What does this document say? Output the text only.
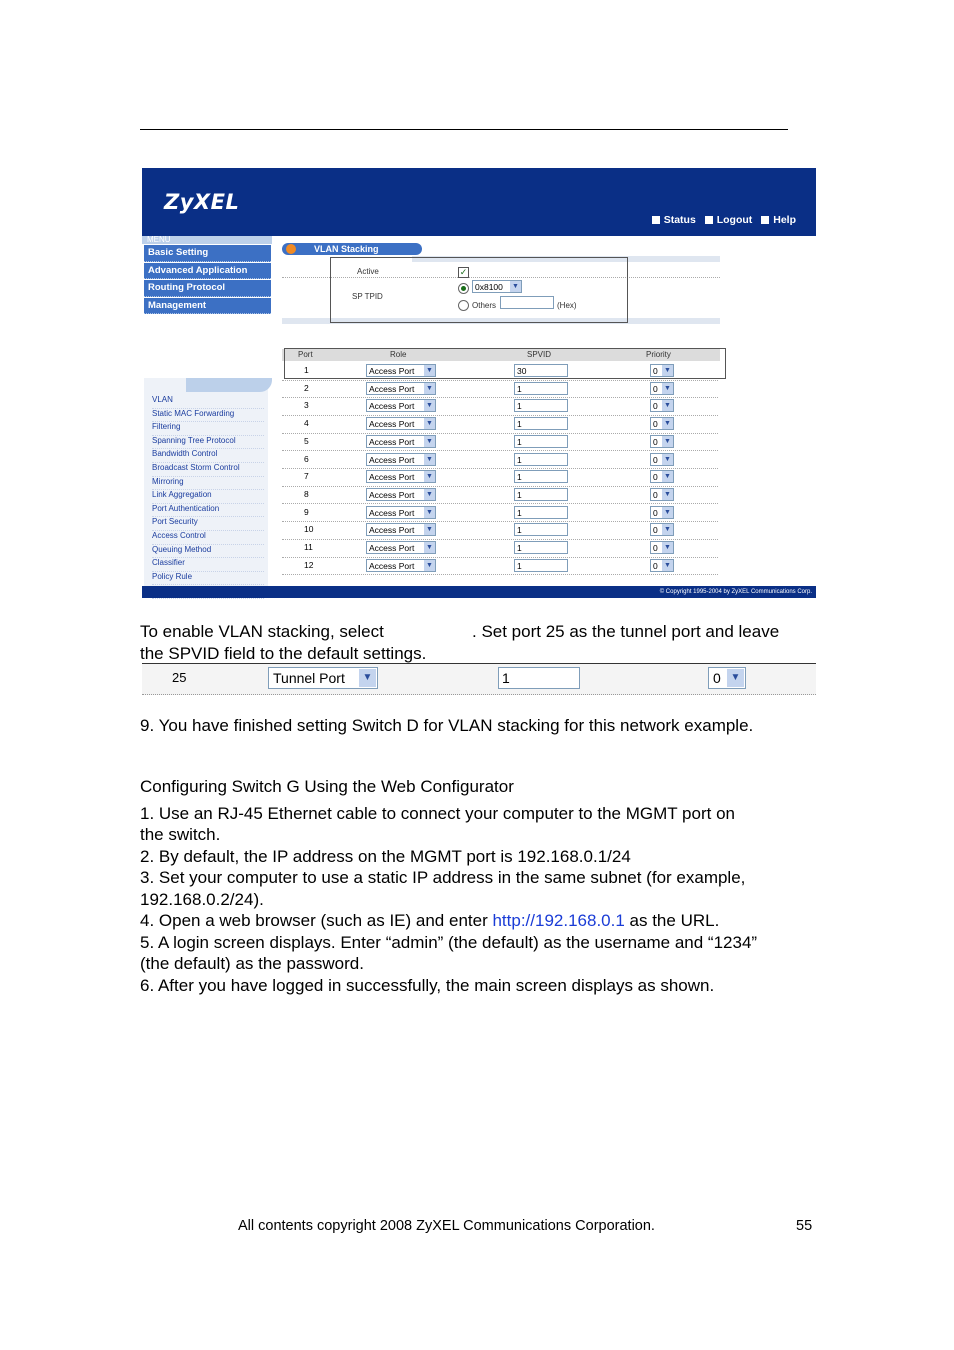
ZyXEL
Status Logout Help
MENU
Basic Setting
Advanced Application
Routing Protocol
Management
VLAN
Static MAC Forwarding
Filtering
Spanning Tree Protocol
Bandwidth Control
Broadcast Storm Control
Mirroring
Link Aggregation
Port Authentication
Port Security
Access Control
Queuing Method
Classifier
Policy Rule
VLAN Stacking
Active	✓
SP TPID
0x8100 ▼
Others	(Hex)
Port	Role	SPVID	Priority
1	Access Port ▼	30	0 ▼
2	Access Port ▼	1	0 ▼
3	Access Port ▼	1	0 ▼
4	Access Port ▼	1	0 ▼
5	Access Port ▼	1	0 ▼
6	Access Port ▼	1	0 ▼
7	Access Port ▼	1	0 ▼
8	Access Port ▼	1	0 ▼
9	Access Port ▼	1	0 ▼
10	Access Port ▼	1	0 ▼
11	Access Port ▼	1	0 ▼
12	Access Port ▼	1	0 ▼
© Copyright 1995-2004 by ZyXEL Communications Corp.
To enable VLAN stacking, select	. Set port 25 as the tunnel port and leave
the SPVID field to the default settings.
25	Tunnel Port	▼	1	0 ▼
9. You have finished setting Switch D for VLAN stacking for this network example.
Configuring Switch G Using the Web Configurator
1. Use an RJ-45 Ethernet cable to connect your computer to the MGMT port on
the switch.
2. By default, the IP address on the MGMT port is 192.168.0.1/24
3. Set your computer to use a static IP address in the same subnet (for example,
192.168.0.2/24).
4. Open a web browser (such as IE) and enter http://192.168.0.1 as the URL.
5. A login screen displays. Enter “admin” (the default) as the username and “1234”
(the default) as the password.
6. After you have logged in successfully, the main screen displays as shown.
All contents copyright 2008 ZyXEL Communications Corporation.	55
